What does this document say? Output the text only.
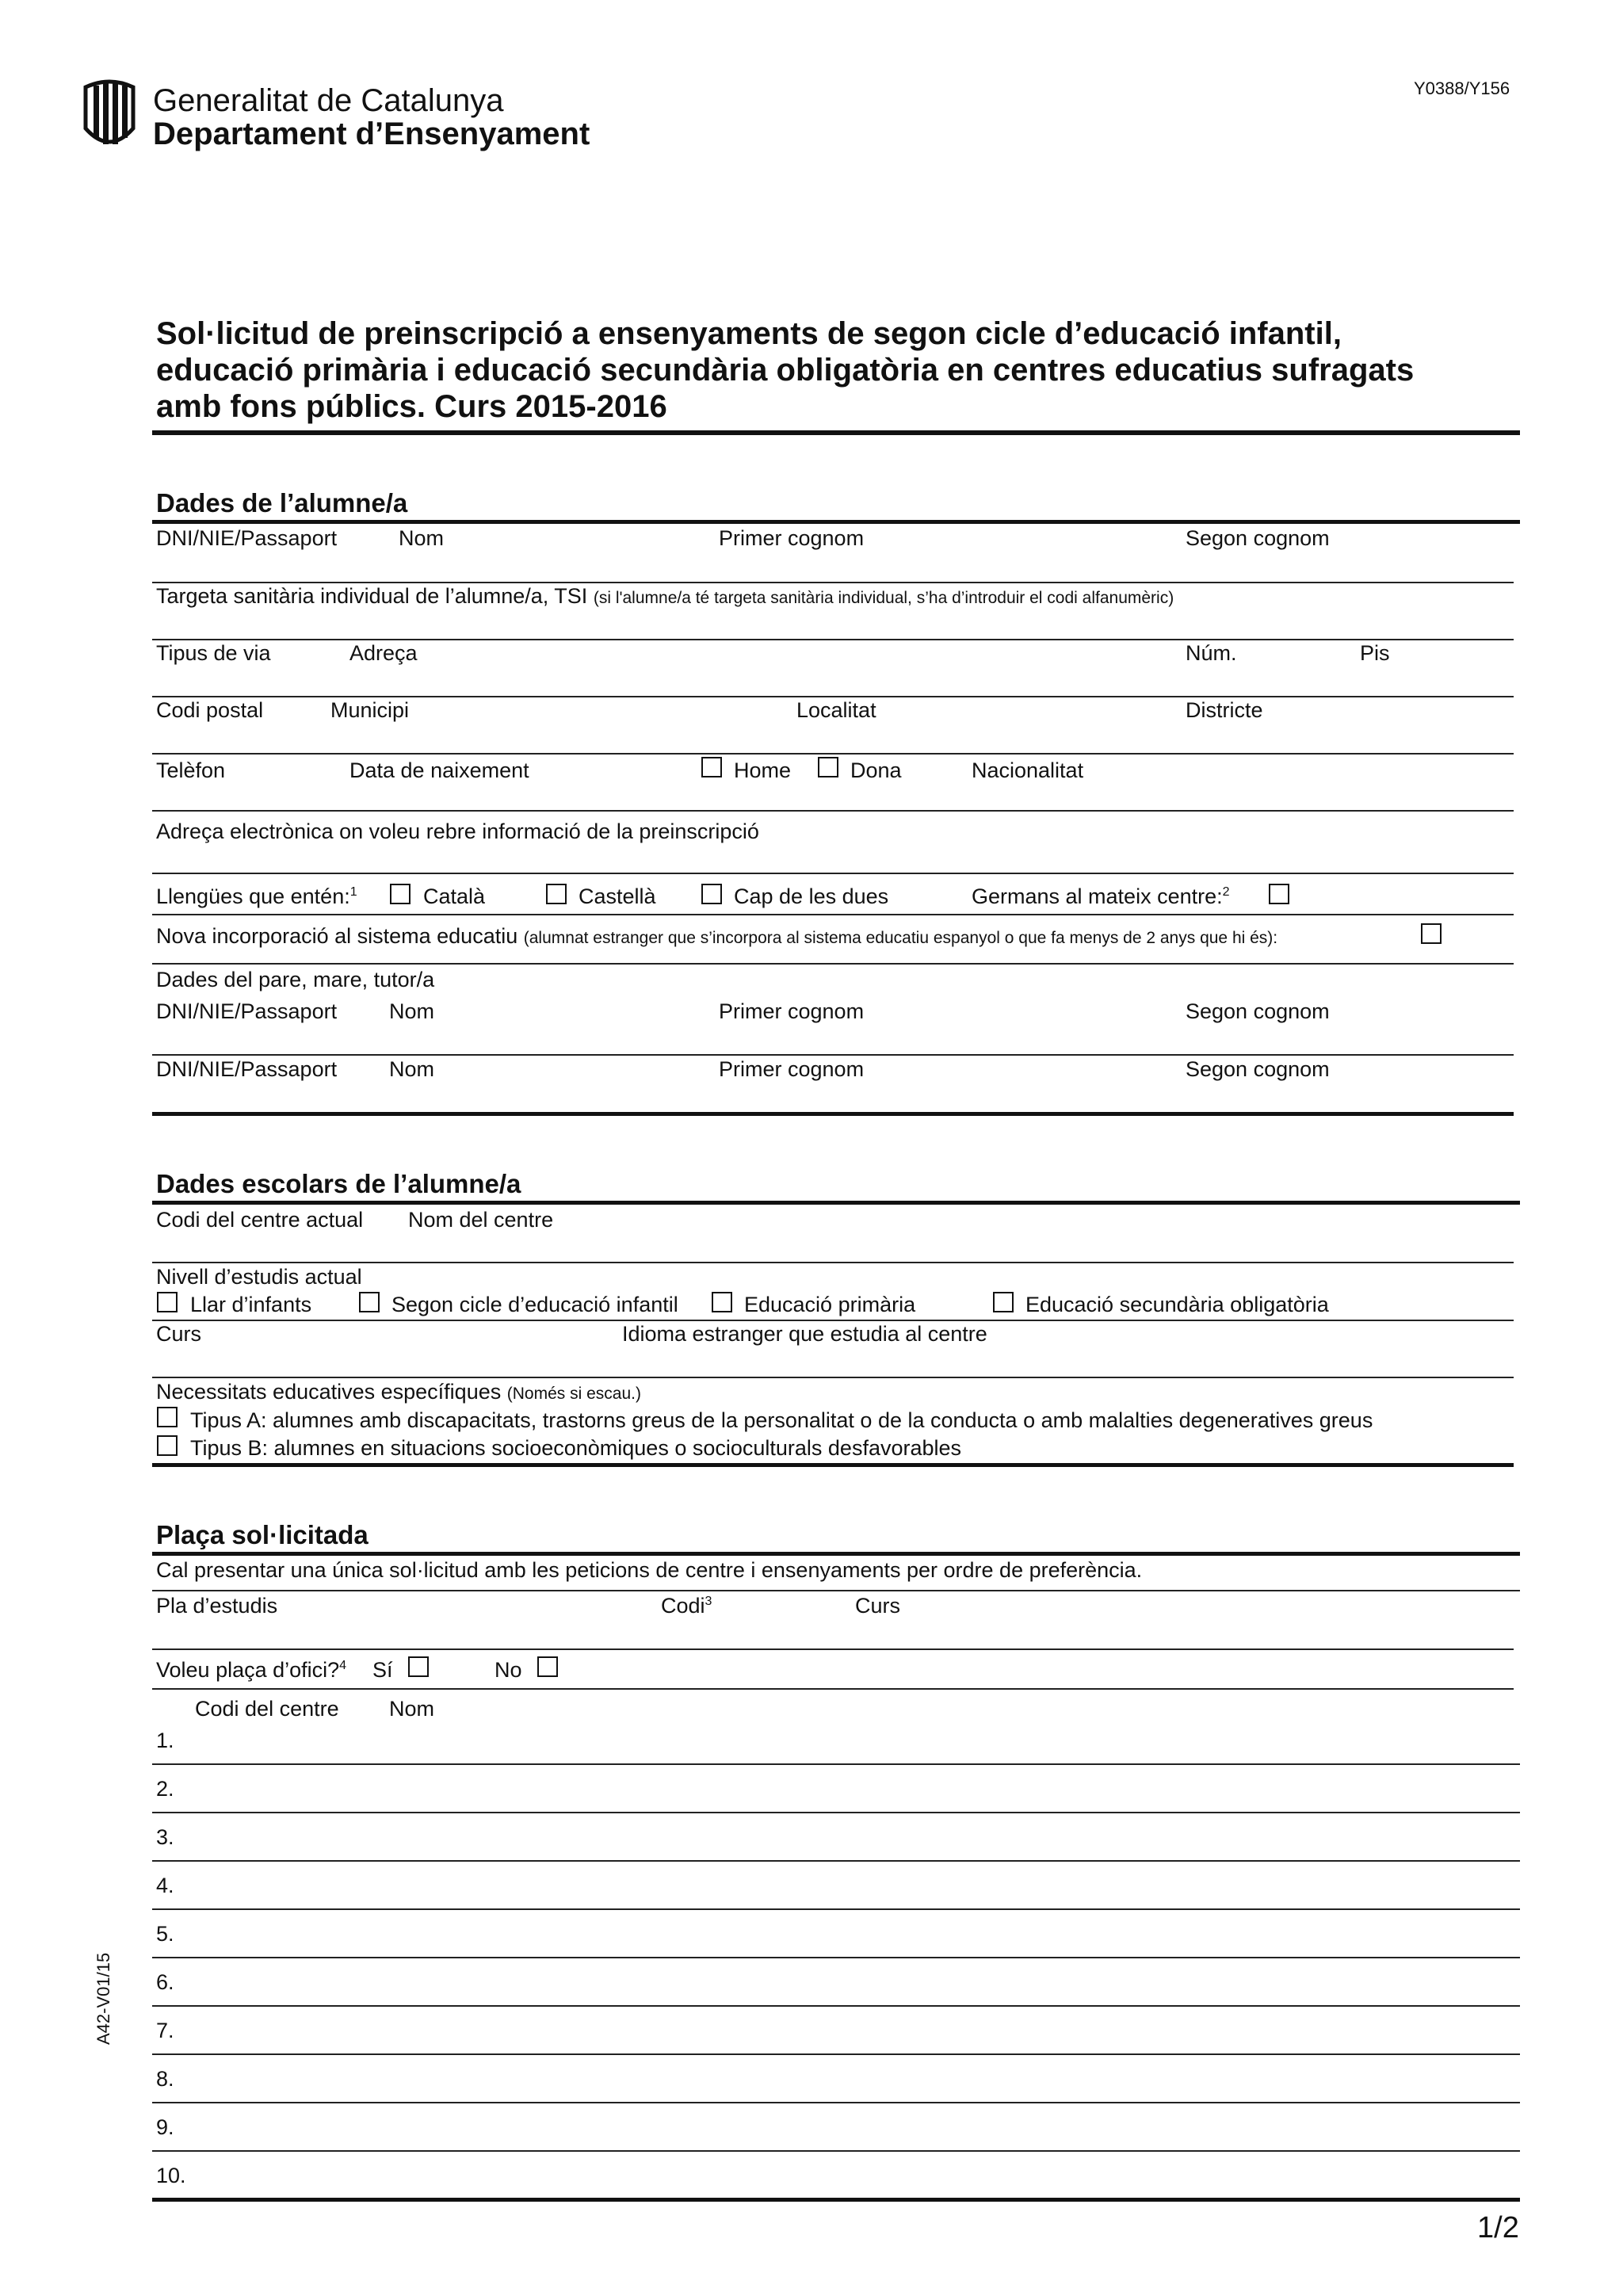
Generalitat de Catalunya
Departament d’Ensenyament
Y0388/Y156
Sol·licitud de preinscripció a ensenyaments de segon cicle d’educació infantil,
educació primària i educació secundària obligatòria en centres educatius sufragats
amb fons públics. Curs 2015-2016
Dades de l’alumne/a
DNI/NIE/Passaport	Nom	Primer cognom	Segon cognom
Targeta sanitària individual de l’alumne/a, TSI (si l'alumne/a té targeta sanitària individual, s’ha d’introduir el codi alfanumèric)
Tipus de via	Adreça	Núm.	Pis
Codi postal	Municipi	Localitat	Districte
Telèfon	Data de naixement	Home	Dona	Nacionalitat
Adreça electrònica on voleu rebre informació de la preinscripció
Llengües que entén:$^1$	Català	Castellà	Cap de les dues	Germans al mateix centre:$^2$
Nova incorporació al sistema educatiu (alumnat estranger que s’incorpora al sistema educatiu espanyol o que fa menys de 2 anys que hi és):
Dades del pare, mare, tutor/a
DNI/NIE/Passaport Nom	Primer cognom	Segon cognom
DNI/NIE/Passaport Nom	Primer cognom	Segon cognom
Dades escolars de l’alumne/a
Codi del centre actual Nom del centre
Nivell d’estudis actual
Llar d’infants	Segon cicle d’educació infantil	Educació primària	Educació secundària obligatòria
Curs	Idioma estranger que estudia al centre
Necessitats educatives específiques (Només si escau.)
Tipus A: alumnes amb discapacitats, trastorns greus de la personalitat o de la conducta o amb malalties degeneratives greus
Tipus B: alumnes en situacions socioeconòmiques o socioculturals desfavorables
Plaça sol·licitada
Cal presentar una única sol·licitud amb les peticions de centre i ensenyaments per ordre de preferència.
Pla d’estudis	Codi$^3$	Curs
Voleu plaça d’ofici?$^4$ Sí	No
Codi del centre Nom
1.
2.
3.
4.
5.
6.
7.
8.
9.
10.
A42-V01/15
1/2
